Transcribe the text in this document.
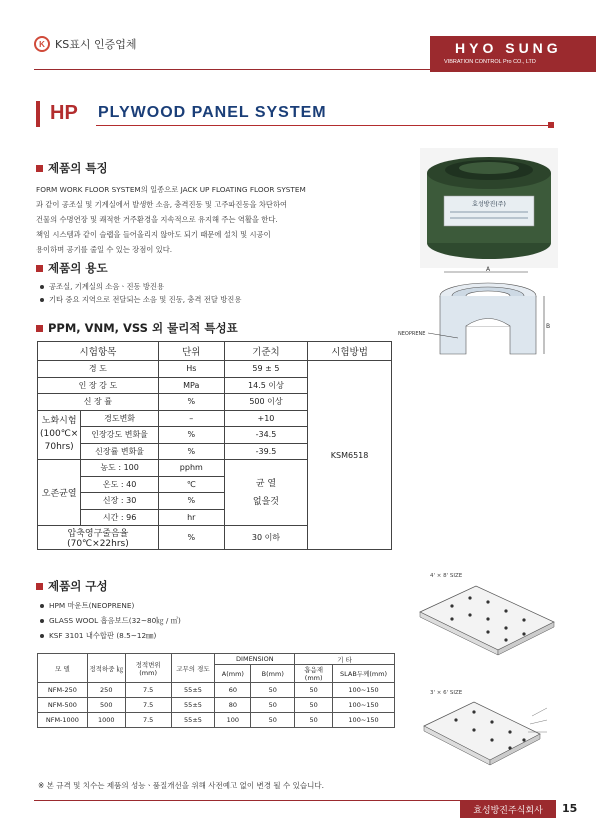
K KS표시 인증업체	HYO SUNG
VIBRATION CONTROL Pro CO., LTD
HP PLYWOOD PANEL SYSTEM
제품의 특징
FORM WORK FLOOR SYSTEM의 일종으로 JACK UP FLOATING FLOOR SYSTEM
과 같이 공조실 및 기계실에서 발생한 소음, 충격진동 및 고주파진동을 차단하여
건물의 수명연장 및 쾌적한 거주환경을 지속적으로 유지해 주는 역활을 한다.
책임 시스템과 같이 슬랩을 들어올리지 않아도 되기 때문에 설치 및 시공이
용이하며 공기를 줄일 수 있는 장점이 있다.
효성방진(주)
A
B
NEOPRENE
제품의 용도
공조실, 기계실의 소음ㆍ진동 방진용
기타 중요 지역으로 전달되는 소음 및 진동, 충격 전달 방진용
PPM, VNM, VSS 외 물리적 특성표
시험항목		단위	기준치	시험방법
경 도		Hs	59 ± 5	KSM6518
인 장 강 도		MPa	14.5 이상	
신 장 률		%	500 이상	

노화시험
(100℃×
70hrs)	경도변화	–	+10	
	인장강도 변화율	%	-34.5	
	신장률 변화율	%	-39.5	
오존균열	농도 : 100	pphm	균 열
없을것	

	온도 : 40	℃		
	신장 : 30	%		
	시간 : 96	hr		
압축영구줄음율 (70℃×22hrs)		%	30 이하	
제품의 구성
HPM 마운트(NEOPRENE)
GLASS WOOL 흡음보드(32~80㎏ / ㎥)
KSF 3101 내수합판 (8.5~12㎜)
모 델	정적하중 ㎏	정적변위 (mm)	고무의 경도	DIMENSION		기 타	
				A(mm)	B(mm)	흡음재(mm)	SLAB두께(mm)
NFM-250	250	7.5	55±5	60	50	50	100~150
NFM-500	500	7.5	55±5	80	50	50	100~150
NFM-1000	1000	7.5	55±5	100	50	50	100~150
4' × 8' SIZE
3' × 6' SIZE
※ 본 규격 및 치수는 제품의 성능ㆍ품질개선을 위해 사전예고 없이 변경 될 수 있습니다.
효성방진주식회사	15
